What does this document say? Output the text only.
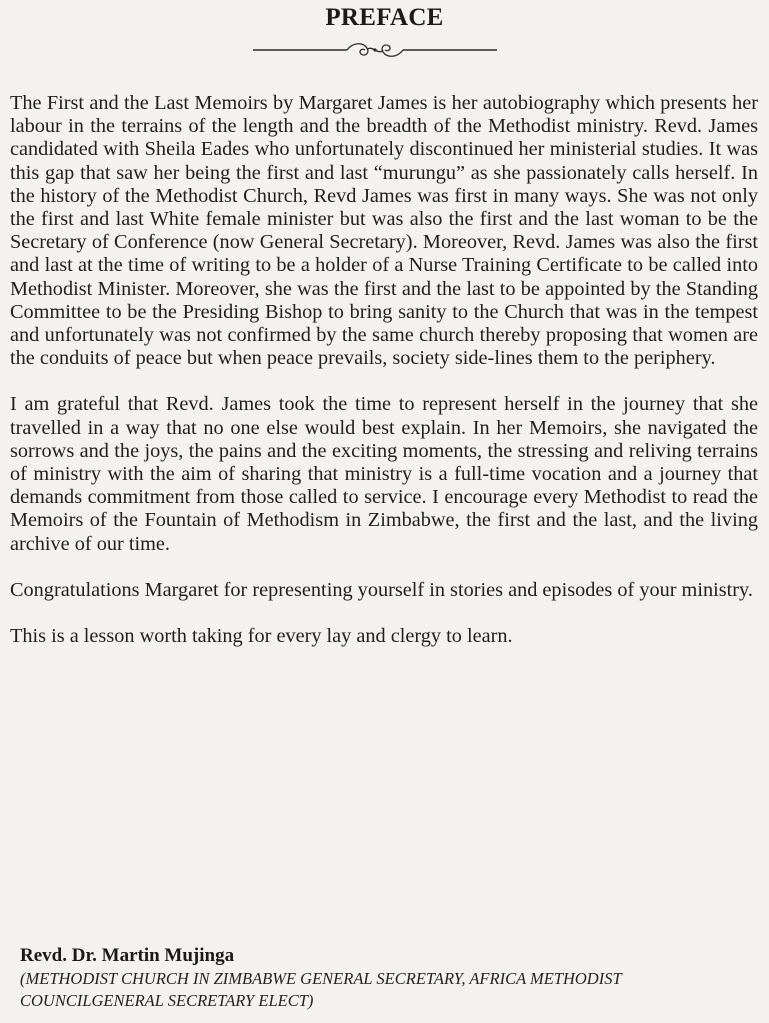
PREFACE

The First and the Last Memoirs by Margaret James is her autobiography which presents her labour in the terrains of the length and the breadth of the Methodist ministry. Revd. James candidated with Sheila Eades who unfortunately discontinued her ministerial studies. It was this gap that saw her being the first and last “murungu” as she passionately calls herself. In the history of the Methodist Church, Revd James was first in many ways. She was not only the first and last White female minister but was also the first and the last woman to be the Secretary of Conference (now General Secretary). Moreover, Revd. James was also the first and last at the time of writing to be a holder of a Nurse Training Certificate to be called into Methodist Minister. Moreover, she was the first and the last to be appointed by the Standing Committee to be the Presiding Bishop to bring sanity to the Church that was in the tempest and unfortunately was not confirmed by the same church thereby proposing that women are the conduits of peace but when peace prevails, society side-lines them to the periphery.

I am grateful that Revd. James took the time to represent herself in the journey that she travelled in a way that no one else would best explain. In her Memoirs, she navigated the sorrows and the joys, the pains and the exciting moments, the stressing and reliving terrains of ministry with the aim of sharing that ministry is a full-time vocation and a journey that demands commitment from those called to service. I encourage every Methodist to read the Memoirs of the Fountain of Methodism in Zimbabwe, the first and the last, and the living archive of our time.

Congratulations Margaret for representing yourself in stories and episodes of your ministry.

This is a lesson worth taking for every lay and clergy to learn.

Revd. Dr. Martin Mujinga
(METHODIST CHURCH IN ZIMBABWE GENERAL SECRETARY, AFRICA METHODIST
COUNCILGENERAL SECRETARY ELECT)
